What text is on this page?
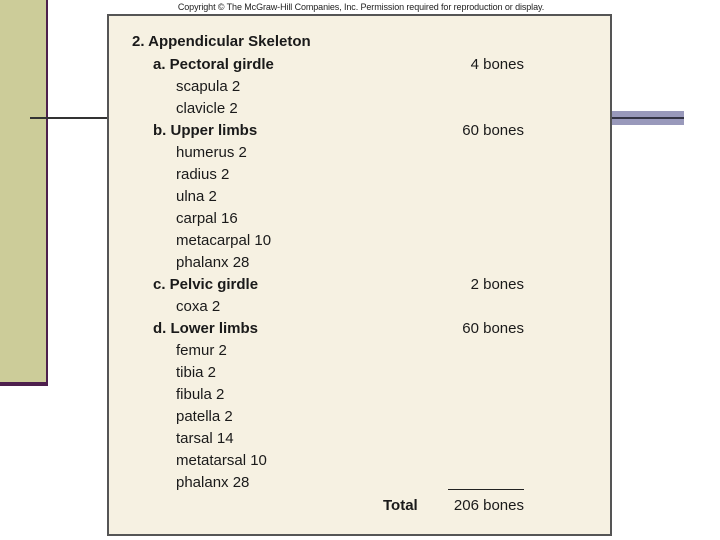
Copyright © The McGraw-Hill Companies, Inc. Permission required for reproduction or display.
2. Appendicular Skeleton
a. Pectoral girdle	4 bones
scapula 2
clavicle 2
b. Upper limbs	60 bones
humerus 2
radius 2
ulna 2
carpal 16
metacarpal 10
phalanx 28
c. Pelvic girdle	2 bones
coxa 2
d. Lower limbs	60 bones
femur 2
tibia 2
fibula 2
patella 2
tarsal 14
metatarsal 10
phalanx 28
Total	206 bones
